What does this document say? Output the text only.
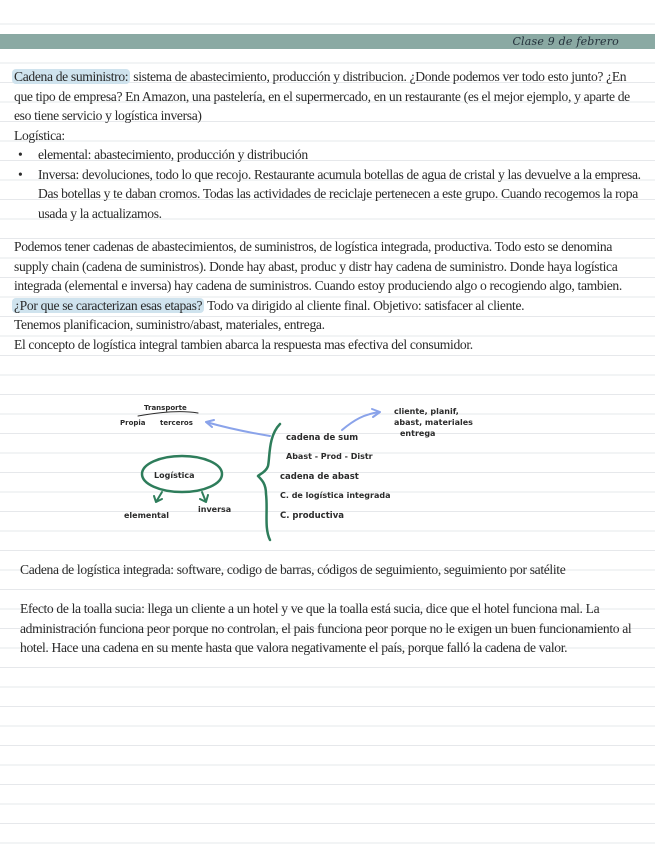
Clase 9 de febrero

Cadena de suministro: sistema de abastecimiento, producción y distribucion. ¿Donde podemos ver todo esto junto? ¿En que tipo de empresa? En Amazon, una pastelería, en el supermercado, en un restaurante (es el mejor ejemplo, y aparte de eso tiene servicio y logística inversa)

Logística:

• elemental: abastecimiento, producción y distribución
• Inversa: devoluciones, todo lo que recojo. Restaurante acumula botellas de agua de cristal y las devuelve a la empresa. Das botellas y te daban cromos. Todas las actividades de reciclaje pertenecen a este grupo. Cuando recogemos la ropa usada y la actualizamos.

Podemos tener cadenas de abastecimientos, de suministros, de logística integrada, productiva. Todo esto se denomina supply chain (cadena de suministros). Donde hay abast, produc y distr hay cadena de suministro. Donde haya logística integrada (elemental e inversa) hay cadena de suministros. Cuando estoy produciendo algo o recogiendo algo, tambien.

¿Por que se caracterizan esas etapas? Todo va dirigido al cliente final. Objetivo: satisfacer al cliente.

Tenemos planificacion, suministro/abast, materiales, entrega.

El concepto de logística integral tambien abarca la respuesta mas efectiva del consumidor.

Transporte
Propia terceros
Logística
elemental
inversa
cadena de sum
Abast - Prod - Distr
cadena de abast
C. de logística integrada
C. productiva
cliente, planif, abast, materiales entrega

Cadena de logística integrada: software, codigo de barras, códigos de seguimiento, seguimiento por satélite

Efecto de la toalla sucia: llega un cliente a un hotel y ve que la toalla está sucia, dice que el hotel funciona mal. La administración funciona peor porque no controlan, el pais funciona peor porque no le exigen un buen funcionamiento al hotel. Hace una cadena en su mente hasta que valora negativamente el país, porque falló la cadena de valor.
